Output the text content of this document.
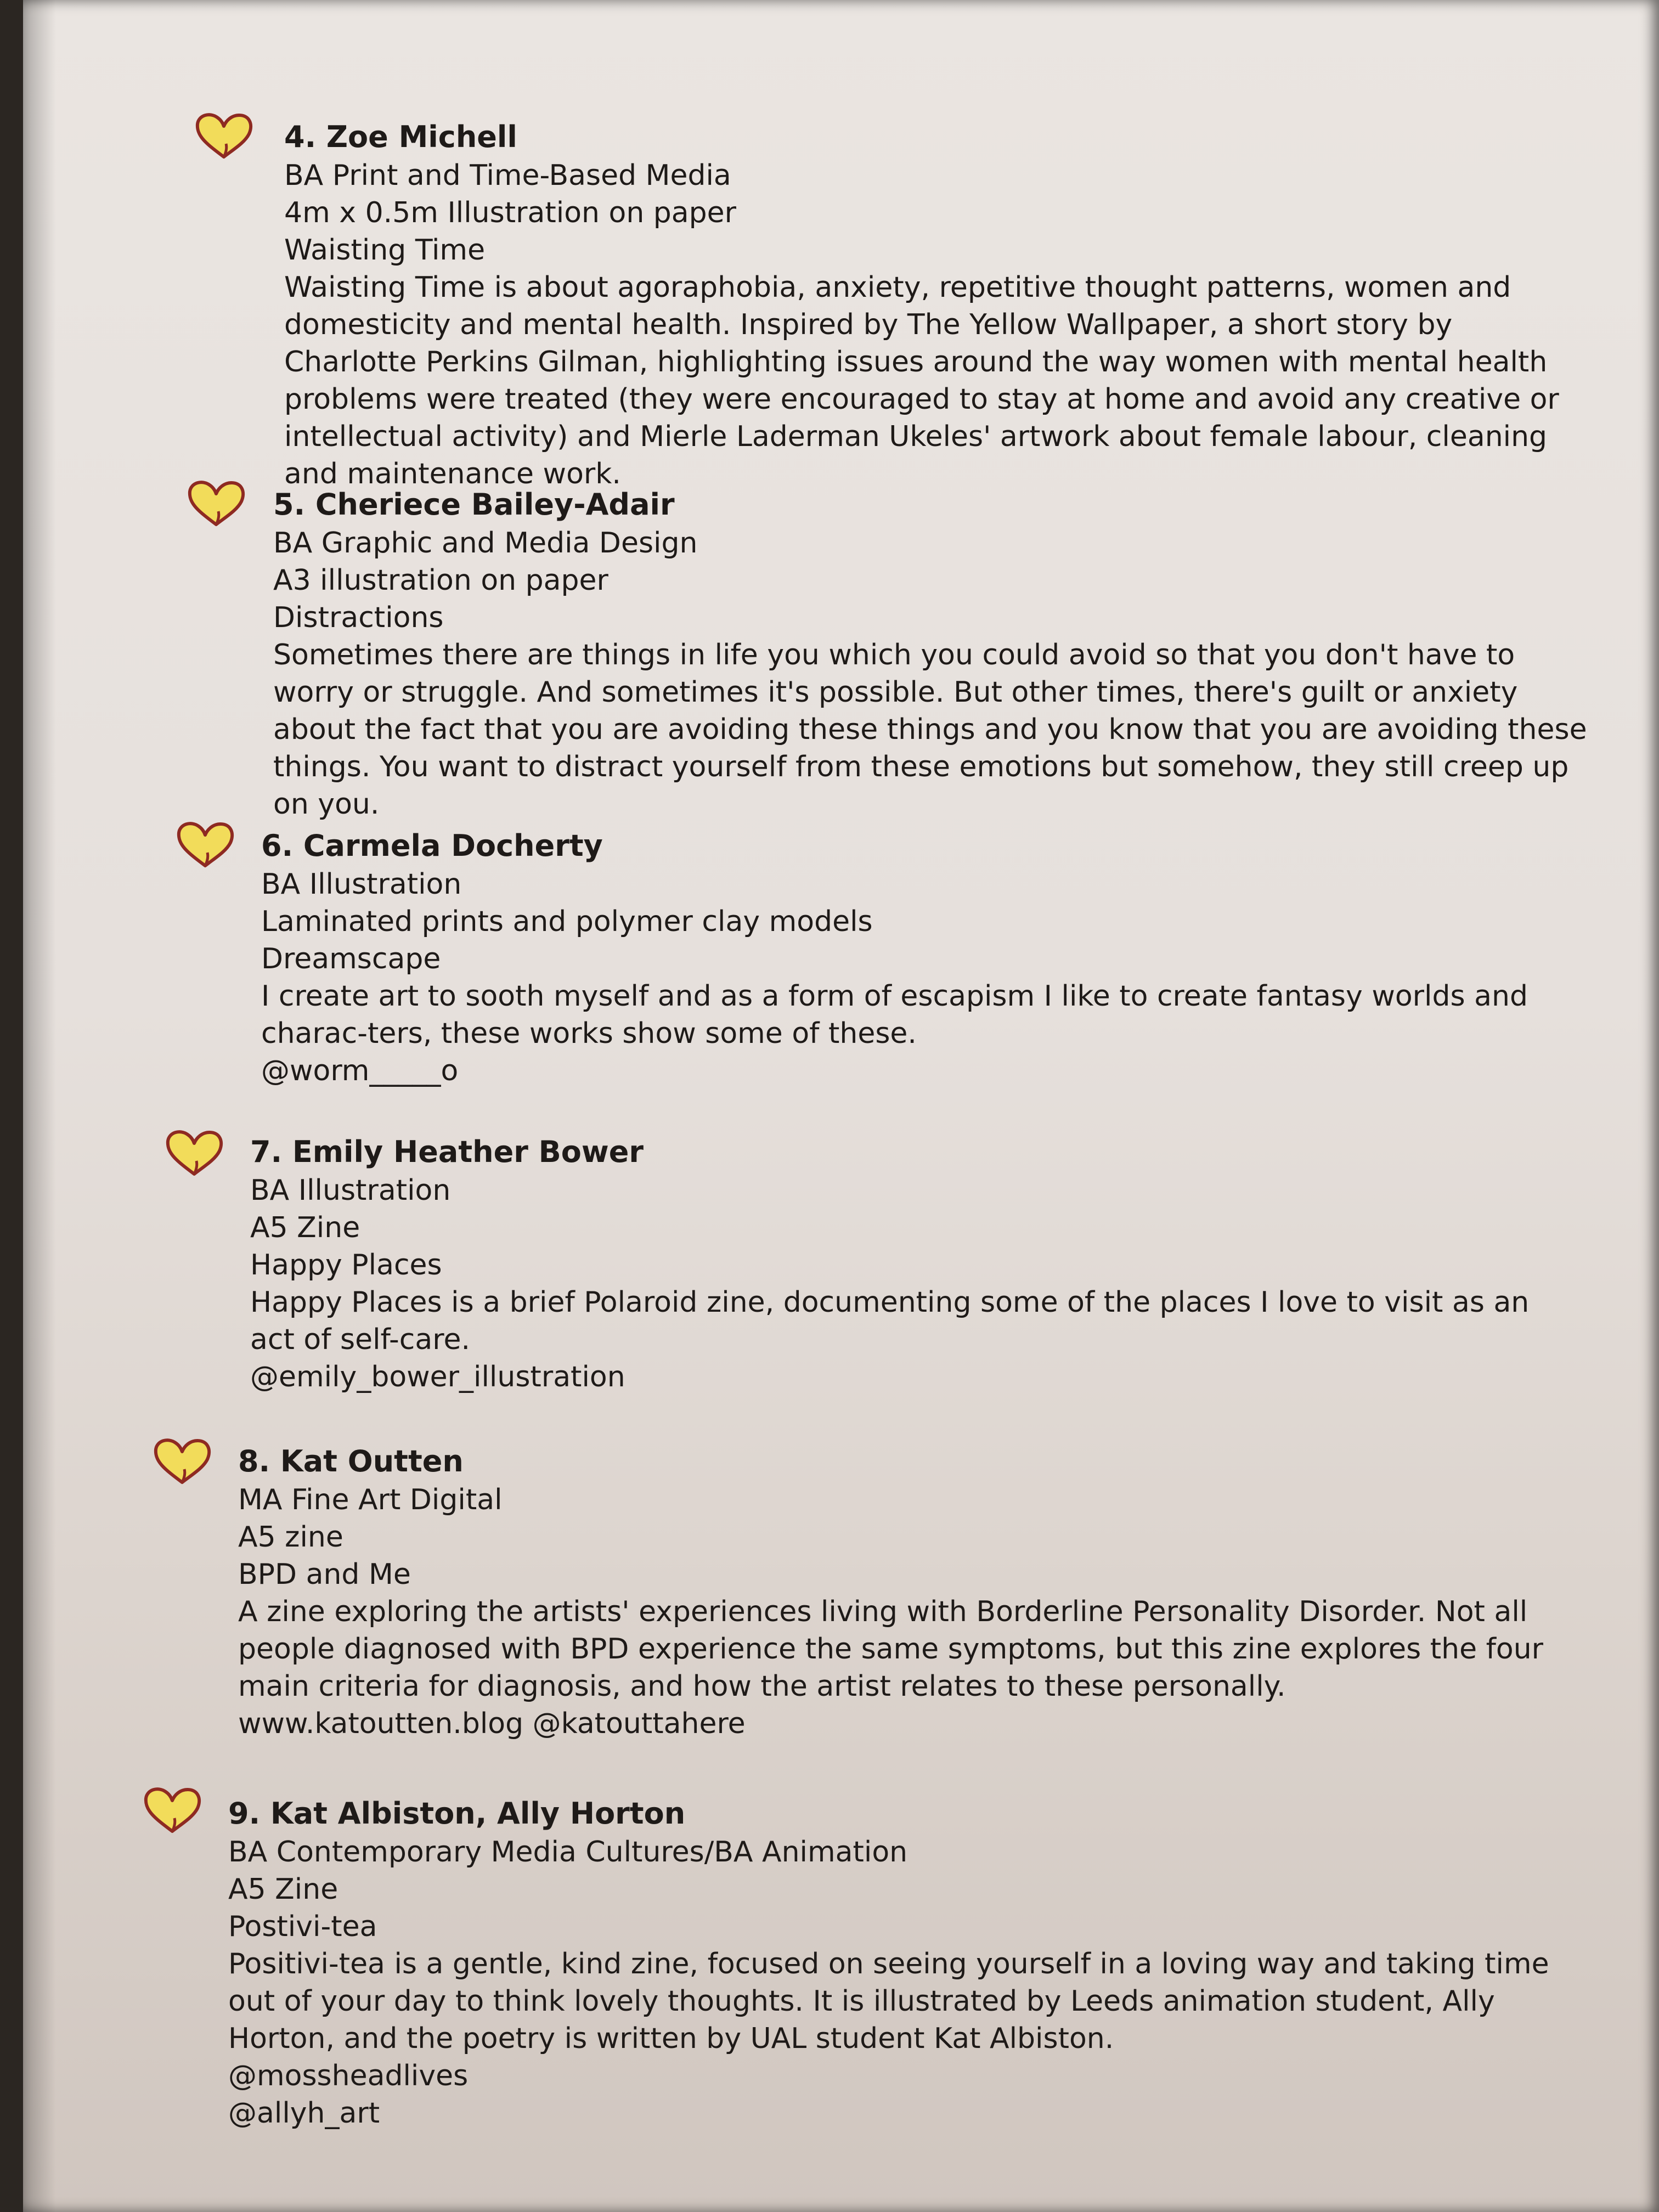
4. Zoe Michell
BA Print and Time-Based Media
4m x 0.5m Illustration on paper
Waisting Time
Waisting Time is about agoraphobia, anxiety, repetitive thought patterns, women and domesticity and mental health. Inspired by The Yellow Wallpaper, a short story by Charlotte Perkins Gilman, highlighting issues around the way women with mental health problems were treated (they were encouraged to stay at home and avoid any creative or intellectual activity) and Mierle Laderman Ukeles' artwork about female labour, cleaning and maintenance work.
5. Cheriece Bailey-Adair
BA Graphic and Media Design
A3 illustration on paper
Distractions
Sometimes there are things in life you which you could avoid so that you don't have to worry or struggle. And sometimes it's possible. But other times, there's guilt or anxiety about the fact that you are avoiding these things and you know that you are avoiding these things. You want to distract yourself from these emotions but somehow, they still creep up on you.
6. Carmela Docherty
BA Illustration
Laminated prints and polymer clay models
Dreamscape
I create art to sooth myself and as a form of escapism I like to create fantasy worlds and charac-ters, these works show some of these.
@worm_____o
7. Emily Heather Bower
BA Illustration
A5 Zine
Happy Places
Happy Places is a brief Polaroid zine, documenting some of the places I love to visit as an act of self-care.
@emily_bower_illustration
8. Kat Outten
MA Fine Art Digital
A5 zine
BPD and Me
A zine exploring the artists' experiences living with Borderline Personality Disorder. Not all people diagnosed with BPD experience the same symptoms, but this zine explores the four main criteria for diagnosis, and how the artist relates to these personally.
www.katoutten.blog @katouttahere
9. Kat Albiston, Ally Horton
BA Contemporary Media Cultures/BA Animation
A5 Zine
Postivi-tea
Positivi-tea is a gentle, kind zine, focused on seeing yourself in a loving way and taking time out of your day to think lovely thoughts. It is illustrated by Leeds animation student, Ally Horton, and the poetry is written by UAL student Kat Albiston.
@mossheadlives
@allyh_art
